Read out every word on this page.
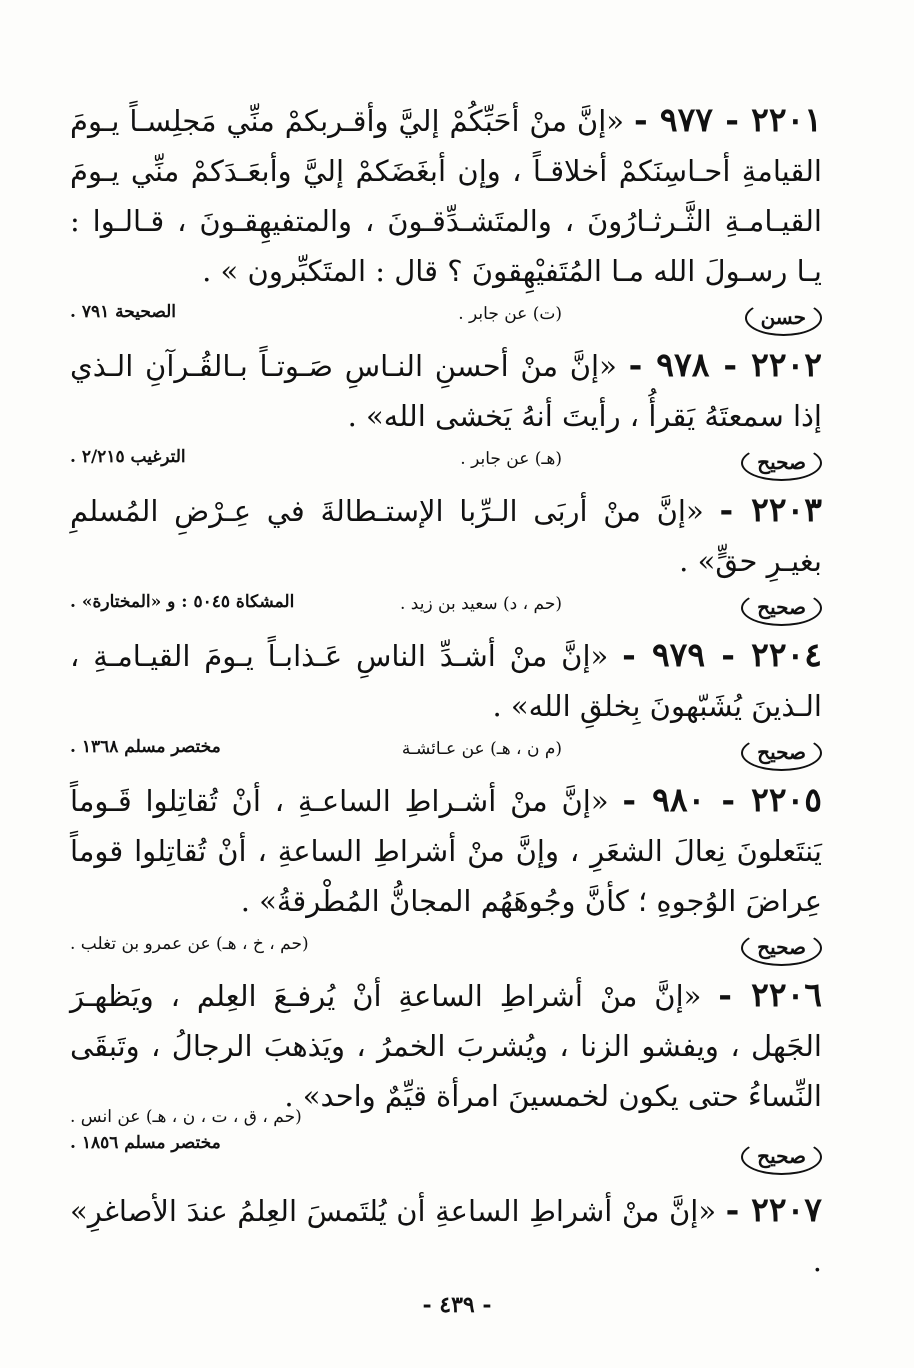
٢٢٠١ - ٩٧٧ - «إنَّ منْ أحَبِّكُمْ إليَّ وأقـربكمْ منِّي مَجلِسـاً يـومَ القيامةِ أحـاسِنَكمْ أخلاقـاً ، وإن أبغَضَكمْ إليَّ وأبعَـدَكمْ منِّي يـومَ القيـامـةِ الثَّـرثـارُونَ ، والمتَشـدِّقـونَ ، والمتفيهِقـونَ ، قـالـوا : يـا رسـولَ الله مـا المُتَفيْهِقونَ ؟ قال : المتَكبِّرون » .

حسن
(ت) عن جابر .
الصحيحة ٧٩١ .

٢٢٠٢ - ٩٧٨ - «إنَّ منْ أحسنِ النـاسِ صَـوتـاً بـالقُـرآنِ الـذي إذا سمعتَهُ يَقرأُ ، رأيتَ أنهُ يَخشى الله» .

صحيح
(هـ) عن جابر .
الترغيب ٢/٢١٥ .

٢٢٠٣ - «إنَّ منْ أربَى الـرِّبا الإستـطالةَ في عِـرْضِ المُسلمِ بغيـرِ حقٍّ» .

صحيح
(حم ، د) سعيد بن زيد .
المشكاة ٥٠٤٥ : و «المختارة» .

٢٢٠٤ - ٩٧٩ - «إنَّ منْ أشـدِّ الناسِ عَـذابـاً يـومَ القيـامـةِ ، الـذينَ يُشَبّهونَ بِخلقِ الله» .

صحيح
(م ن ، هـ) عن عـائشـة
مختصر مسلم ١٣٦٨ .

٢٢٠٥ - ٩٨٠ - «إنَّ منْ أشـراطِ الساعـةِ ، أنْ تُقاتِلوا قَـوماً يَنتَعلونَ نِعالَ الشعَرِ ، وإنَّ منْ أشراطِ الساعةِ ، أنْ تُقاتِلوا قوماً عِراضَ الوُجوهِ ؛ كأنَّ وجُوهَهُم المجانُّ المُطْرقةُ» .

صحيح
(حم ، خ ، هـ) عن عمرو بن تغلب .

٢٢٠٦ - «إنَّ منْ أشراطِ الساعةِ أنْ يُرفـعَ العِلم ، ويَظهـرَ الجَهل ، ويفشو الزنا ، ويُشربَ الخمرُ ، ويَذهبَ الرجالُ ، وتَبقَى النِّساءُ حتى يكون لخمسينَ امرأة قيِّمٌ واحد» .

صحيح
(حم ، ق ، ت ، ن ، هـ) عن انس .
مختصر مسلم ١٨٥٦ .

٢٢٠٧ - «إنَّ منْ أشراطِ الساعةِ أن يُلتَمسَ العِلمُ عندَ الأصاغرِ» .

- ٤٣٩ -
